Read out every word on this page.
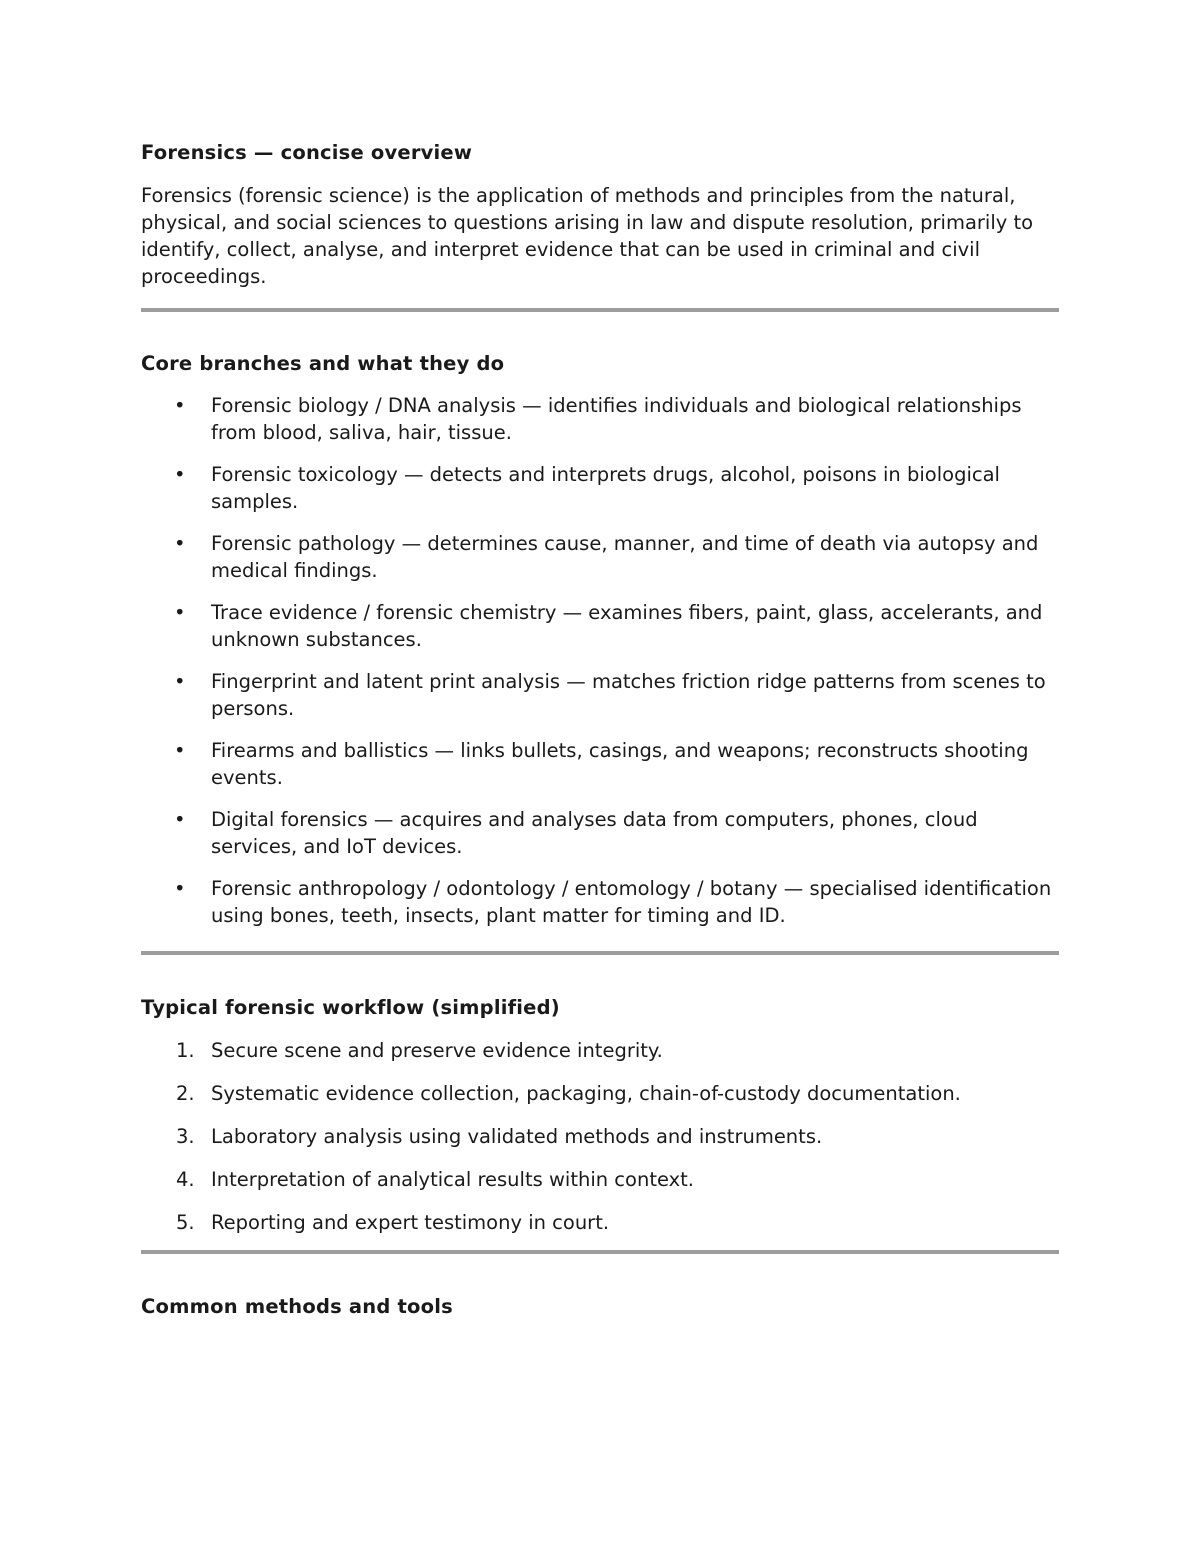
Forensics — concise overview

Forensics (forensic science) is the application of methods and principles from the natural, physical, and social sciences to questions arising in law and dispute resolution, primarily to identify, collect, analyse, and interpret evidence that can be used in criminal and civil proceedings.

Core branches and what they do
• Forensic biology / DNA analysis — identifies individuals and biological relationships from blood, saliva, hair, tissue.
• Forensic toxicology — detects and interprets drugs, alcohol, poisons in biological samples.
• Forensic pathology — determines cause, manner, and time of death via autopsy and medical findings.
• Trace evidence / forensic chemistry — examines fibers, paint, glass, accelerants, and unknown substances.
• Fingerprint and latent print analysis — matches friction ridge patterns from scenes to persons.
• Firearms and ballistics — links bullets, casings, and weapons; reconstructs shooting events.
• Digital forensics — acquires and analyses data from computers, phones, cloud services, and IoT devices.
• Forensic anthropology / odontology / entomology / botany — specialised identification using bones, teeth, insects, plant matter for timing and ID.
Typical forensic workflow (simplified)
1. Secure scene and preserve evidence integrity.
2. Systematic evidence collection, packaging, chain-of-custody documentation.
3. Laboratory analysis using validated methods and instruments.
4. Interpretation of analytical results within context.
5. Reporting and expert testimony in court.
Common methods and tools
